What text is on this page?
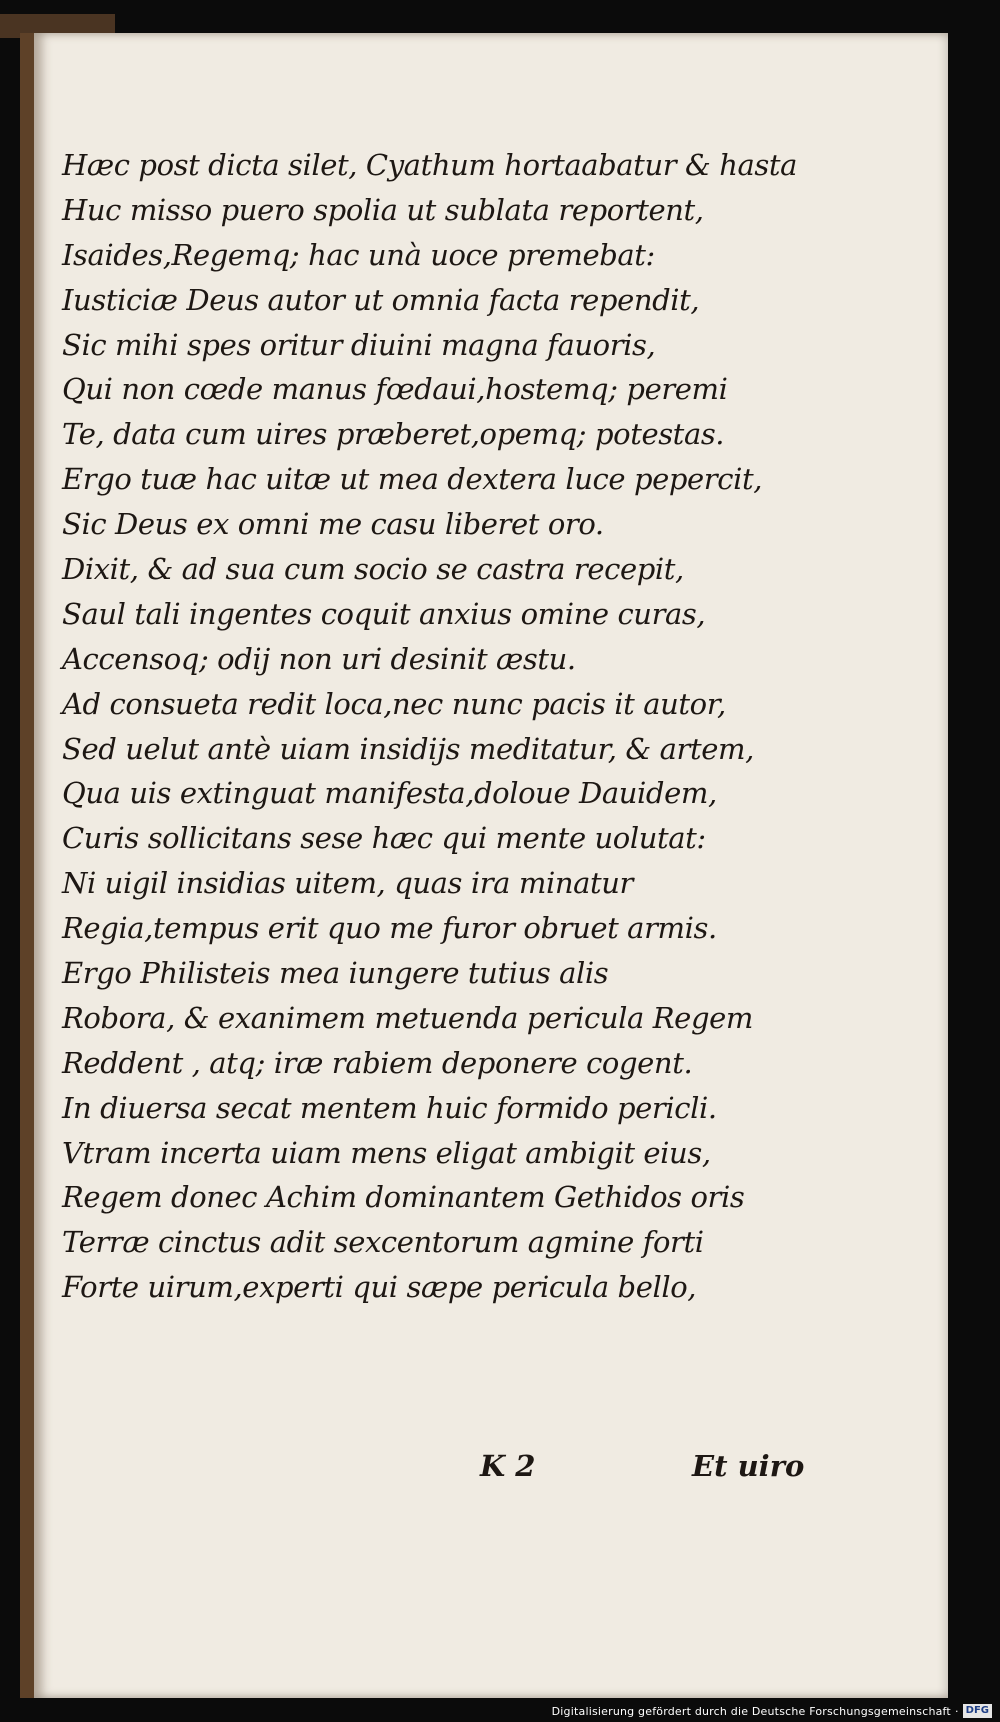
Hæc post dicta silet, Cyathum hortaabatur & hasta
Huc misso puero spolia ut sublata reportent,
Isaides,Regemq; hac unà uoce premebat:
Iusticiæ Deus autor ut omnia facta rependit,
Sic mihi spes oritur diuini magna fauoris,
Qui non cœde manus fœdaui,hostemq; peremi
Te, data cum uires præberet,opemq; potestas.
Ergo tuæ hac uitæ ut mea dextera luce pepercit,
Sic Deus ex omni me casu liberet oro.
Dixit, & ad sua cum socio se castra recepit,
Saul tali ingentes coquit anxius omine curas,
Accensoq; odij non uri desinit æstu.
Ad consueta redit loca,nec nunc pacis it autor,
Sed uelut antè uiam insidijs meditatur, & artem,
Qua uis extinguat manifesta,doloue Dauidem,
Curis sollicitans sese hæc qui mente uolutat:
Ni uigil insidias uitem, quas ira minatur
Regia,tempus erit quo me furor obruet armis.
Ergo Philisteis mea iungere tutius alis
Robora, & exanimem metuenda pericula Regem
Reddent , atq; iræ rabiem deponere cogent.
In diuersa secat mentem huic formido pericli.
Vtram incerta uiam mens eligat ambigit eius,
Regem donec Achim dominantem Gethidos oris
Terræ cinctus adit sexcentorum agmine forti
Forte uirum,experti qui sæpe pericula bello,
K 2	Et uiro
Digitalisierung gefördert durch die Deutsche Forschungsgemeinschaft · DFG
